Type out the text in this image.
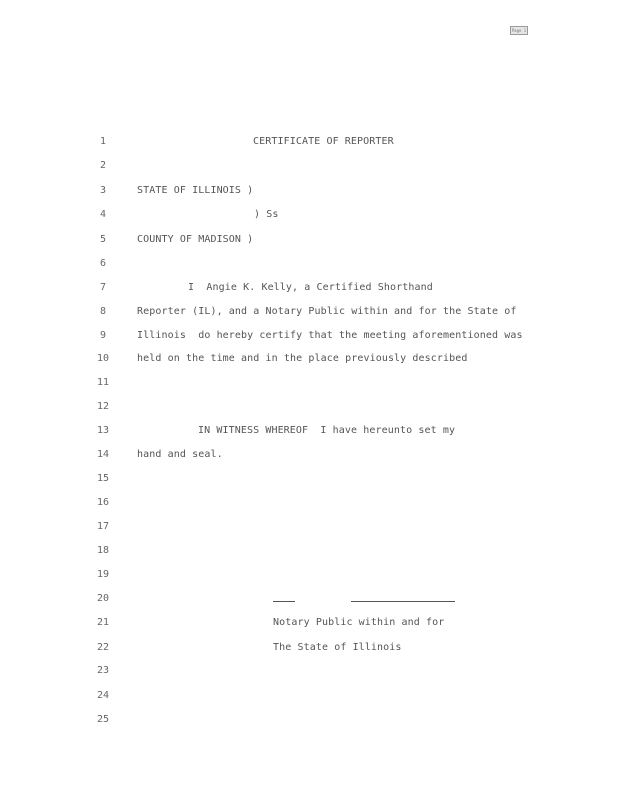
Page 1
1	CERTIFICATE OF REPORTER
2
3	STATE OF ILLINOIS )
4	) Ss
5	COUNTY OF MADISON )
6
7	I  Angie K. Kelly, a Certified Shorthand
8	Reporter (IL), and a Notary Public within and for the State of
9	Illinois  do hereby certify that the meeting aforementioned was
10	held on the time and in the place previously described
11
12
13	IN WITNESS WHEREOF  I have hereunto set my
14	hand and seal.
15
16
17
18
19
20
21	Notary Public within and for
22	The State of Illinois
23
24
25
